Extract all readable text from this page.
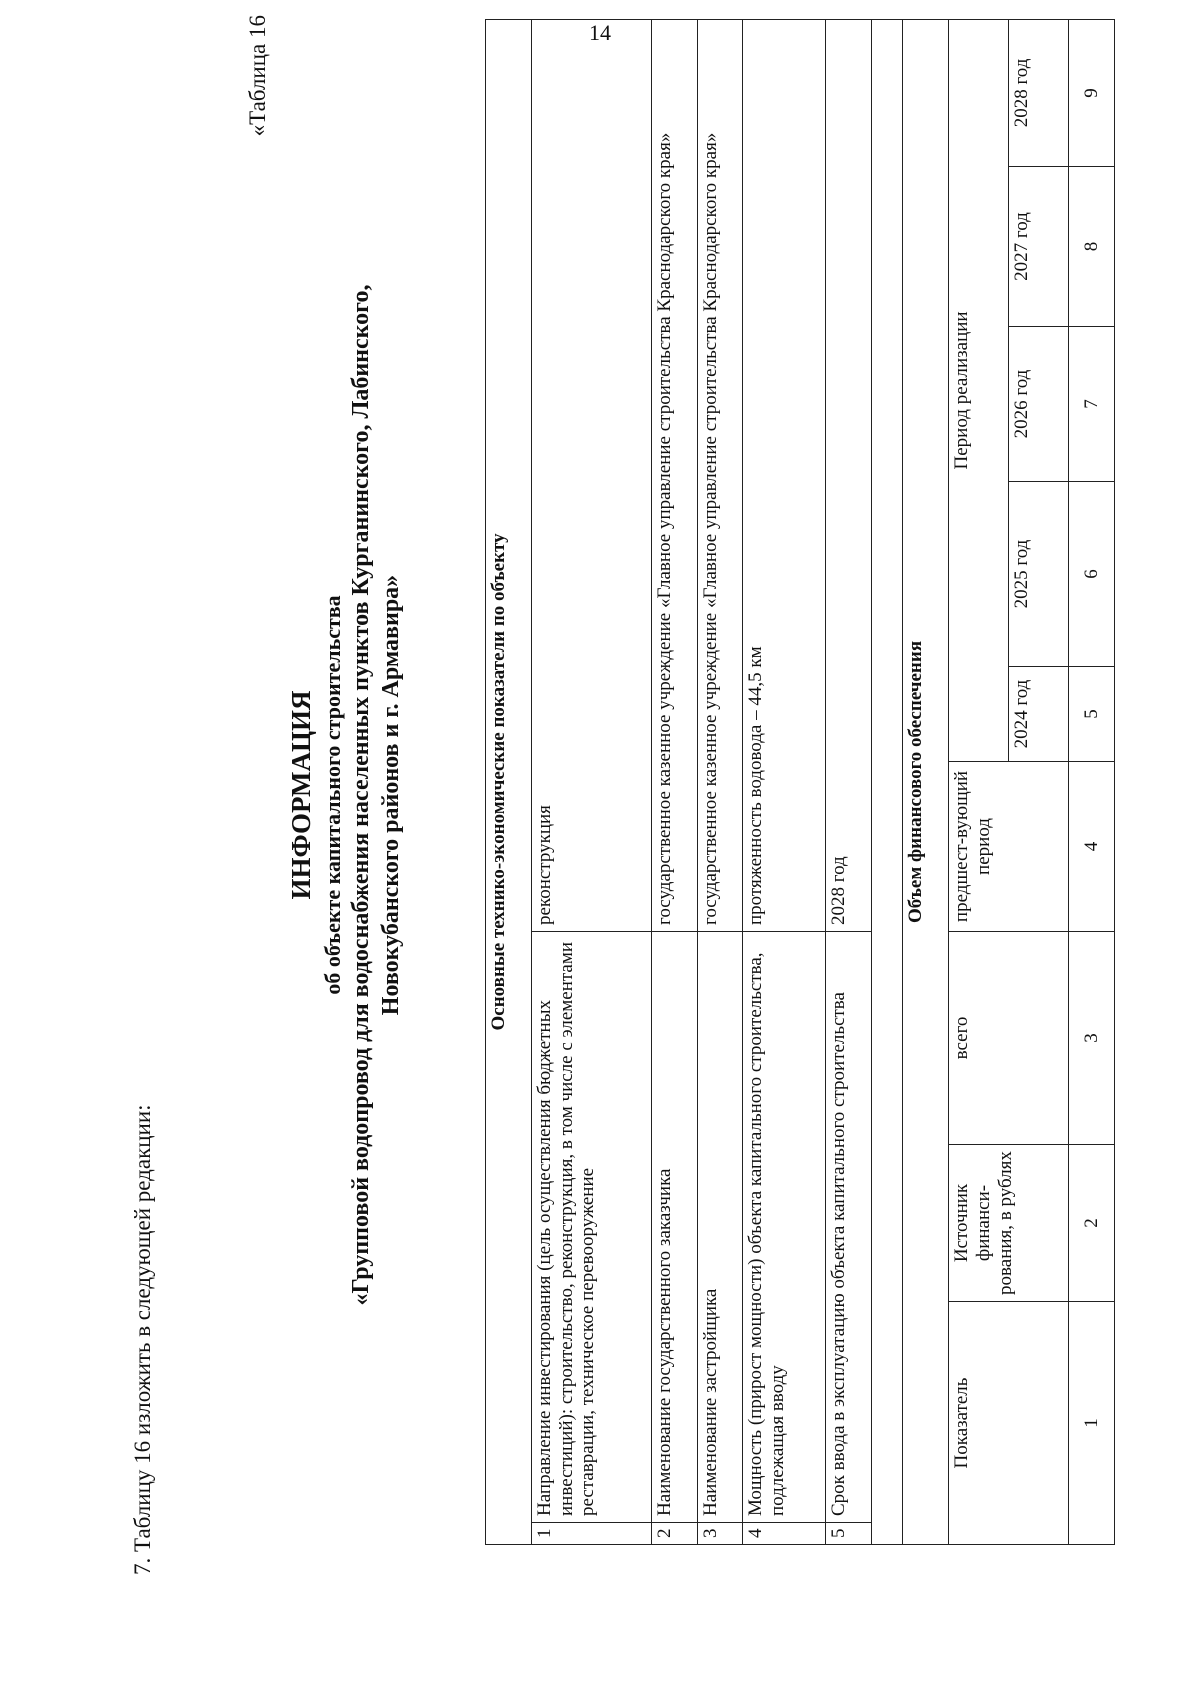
14
7. Таблицу 16 изложить в следующей редакции:
«Таблица 16
ИНФОРМАЦИЯ об объекте капитального строительства «Групповой водопровод для водоснабжения населенных пунктов Курганинского, Лабинского, Новокубанского районов и г. Армавира»	Основные технико-экономические показатели по объекту									
1	Направление инвестирования (цель осуществления бюджетных инвестиций): строительство, реконструкция, в том числе с элементами реставрации, техническое перевооружение			реконструкция					
2	Наименование государственного заказчика			государственное казенное учреждение «Главное управление строительства Краснодарского края»					
3	Наименование застройщика			государственное казенное учреждение «Главное управление строительства Краснодарского края»					
4	Мощность (прирост мощности) объекта капитального строительства, подлежащая вводу			протяженность водовода – 44,5 км					
5	Срок ввода в эксплуатацию объекта капитального строительства			2028 год					

Объем финансового обеспечения									
Показатель		Источник финанси-рования, в рублях	всего	предшест-вующий период	Период реализации				
					2024 год	2025 год	2026 год	2027 год	2028 год
1		2	3	4	5	6	7	8	9
